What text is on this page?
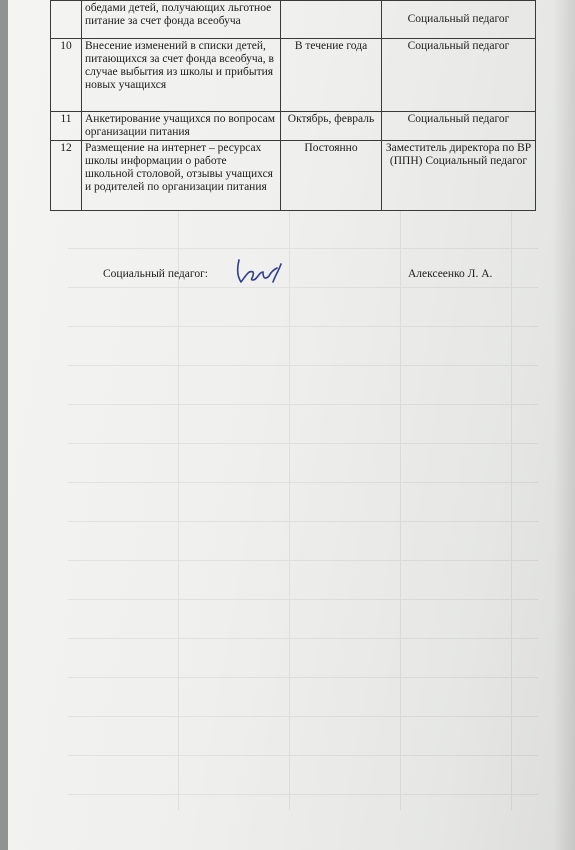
	обедами детей, получающих льготное питание за счет фонда всеобуча		Социальный педагог
10	Внесение изменений в списки детей, питающихся за счет фонда всеобуча, в случае выбытия из школы и прибытия новых учащихся	В течение года	Социальный педагог
11	Анкетирование учащихся по вопросам организации питания	Октябрь, февраль	Социальный педагог
12	Размещение на интернет – ресурсах школы информации о работе школьной столовой, отзывы учащихся и родителей по организации питания	Постоянно	Заместитель директора по ВР (ППН) Социальный педагог
Социальный педагог:	Алексеенко Л. А.
